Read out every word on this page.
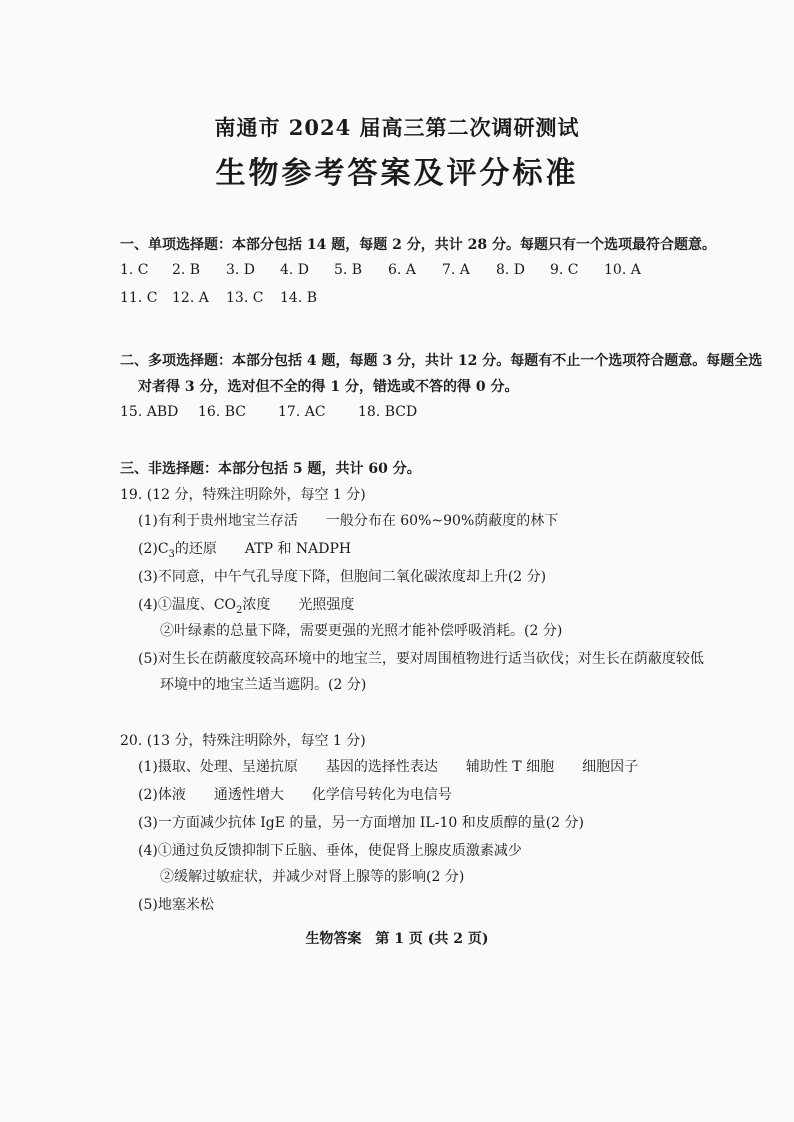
南通市 2024 届高三第二次调研测试
生物参考答案及评分标准
一、单项选择题：本部分包括 14 题，每题 2 分，共计 28 分。每题只有一个选项最符合题意。
1. C	2. B	3. D	4. D	5. B	6. A	7. A	8. D	9. C	10. A
11. C	12. A	13. C	14. B
二、多项选择题：本部分包括 4 题，每题 3 分，共计 12 分。每题有不止一个选项符合题意。每题全选
对者得 3 分，选对但不全的得 1 分，错选或不答的得 0 分。
15. ABD	16. BC	17. AC	18. BCD
三、非选择题：本部分包括 5 题，共计 60 分。
19. (12 分，特殊注明除外，每空 1 分)
(1)有利于贵州地宝兰存活　　一般分布在 60%~90%荫蔽度的林下
$(2)C_3$的还原　　ATP 和 NADPH
(3)不同意，中午气孔导度下降，但胞间二氧化碳浓度却上升(2 分)
(4)①温度、$CO_2$浓度　　光照强度
②叶绿素的总量下降，需要更强的光照才能补偿呼吸消耗。(2 分)
(5)对生长在荫蔽度较高环境中的地宝兰，要对周围植物进行适当砍伐；对生长在荫蔽度较低
环境中的地宝兰适当遮阴。(2 分)
20. (13 分，特殊注明除外，每空 1 分)
(1)摄取、处理、呈递抗原　　基因的选择性表达　　辅助性 T 细胞　　细胞因子
(2)体液　　通透性增大　　化学信号转化为电信号
(3)一方面减少抗体 IgE 的量，另一方面增加 IL-10 和皮质醇的量(2 分)
(4)①通过负反馈抑制下丘脑、垂体，使促肾上腺皮质激素减少
②缓解过敏症状，并减少对肾上腺等的影响(2 分)
(5)地塞米松
生物答案　第 1 页 (共 2 页)
